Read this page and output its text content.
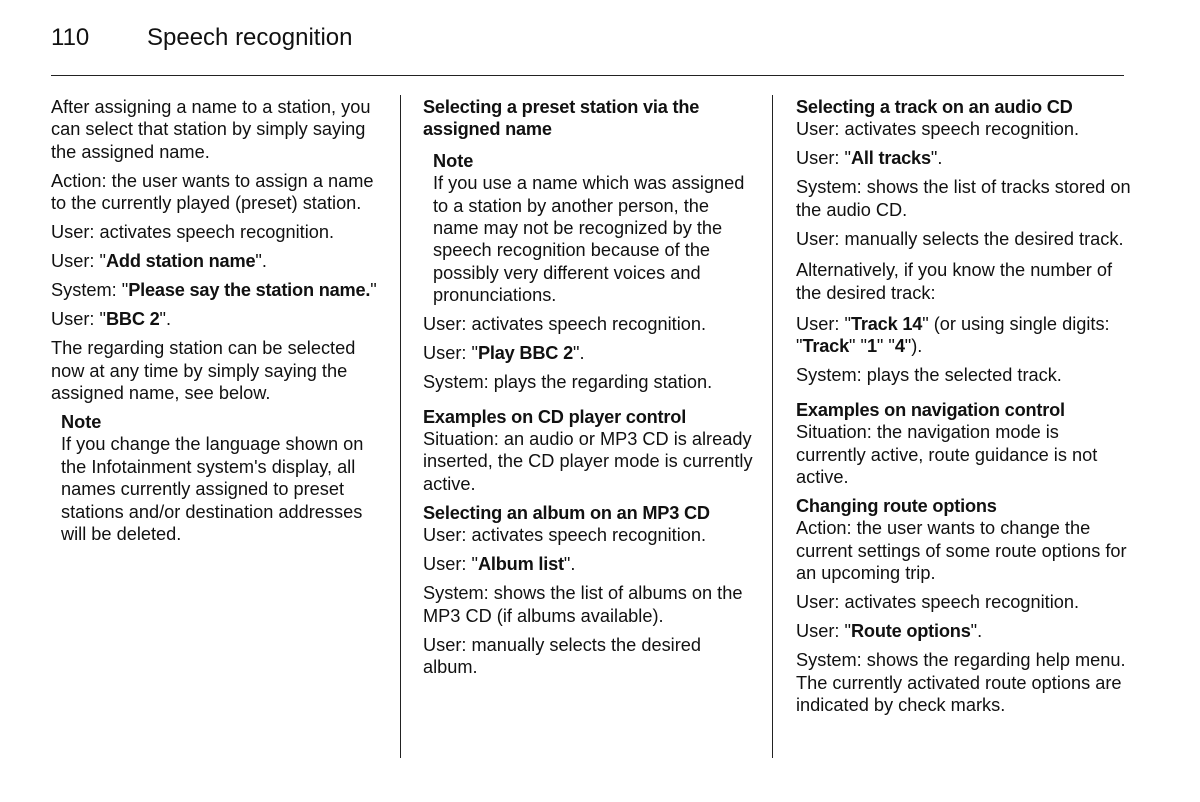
110 Speech recognition

After assigning a name to a station, you can select that station by simply saying the assigned name.

Action: the user wants to assign a name to the currently played (preset) station.

User: activates speech recognition.

User: "Add station name".

System: "Please say the station name."

User: "BBC 2".

The regarding station can be selected now at any time by simply saying the assigned name, see below.

Note
If you change the language shown on the Infotainment system's display, all names currently assigned to preset stations and/or destination addresses will be deleted.
Selecting a preset station via the assigned name
Note
If you use a name which was assigned to a station by another person, the name may not be recognized by the speech recognition because of the possibly very different voices and pronunciations.

User: activates speech recognition.

User: "Play BBC 2".

System: plays the regarding station.

Examples on CD player control

Situation: an audio or MP3 CD is already inserted, the CD player mode is currently active.

Selecting an album on an MP3 CD

User: activates speech recognition.

User: "Album list".

System: shows the list of albums on the MP3 CD (if albums available).

User: manually selects the desired album.

Selecting a track on an audio CD

User: activates speech recognition.

User: "All tracks".

System: shows the list of tracks stored on the audio CD.

User: manually selects the desired track.

Alternatively, if you know the number of the desired track:

User: "Track 14" (or using single digits: "Track" "1" "4").

System: plays the selected track.

Examples on navigation control

Situation: the navigation mode is currently active, route guidance is not active.

Changing route options

Action: the user wants to change the current settings of some route options for an upcoming trip.

User: activates speech recognition.

User: "Route options".

System: shows the regarding help menu. The currently activated route options are indicated by check marks.
